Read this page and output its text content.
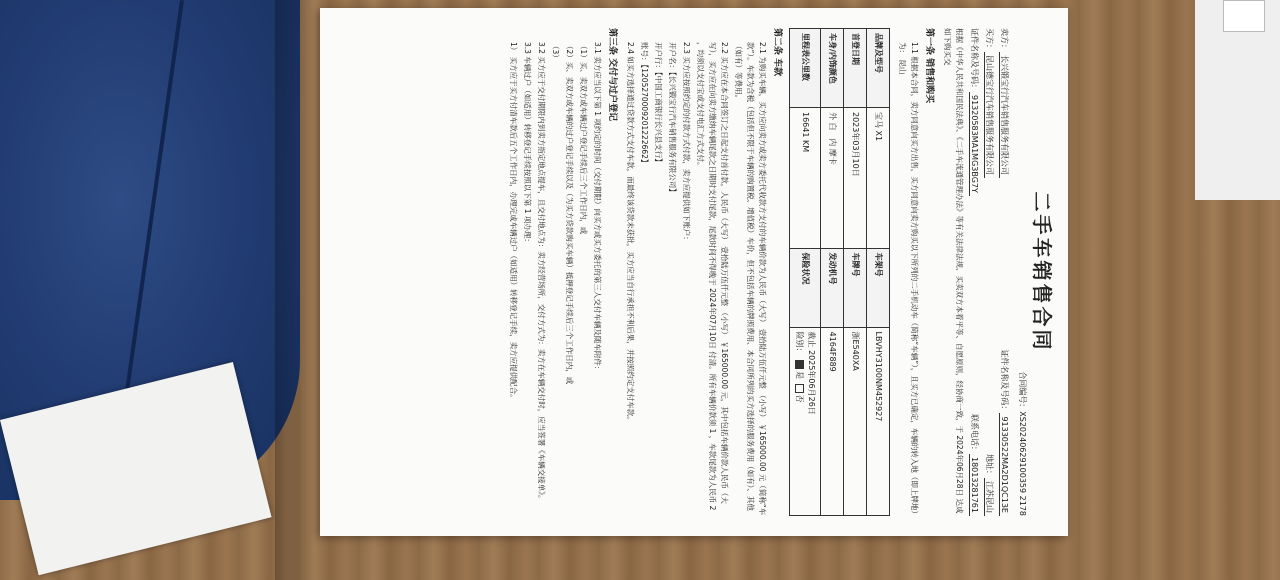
二手车销售合同
合同编号：XS20240629100359 2178
卖方：长兴锻宝行汽车销售服务有限公司
证件名称及号码：91330522MA2D1QC13E
买方：昆山德宝行汽车销售服务有限公司
地址：江苏昆山
证件名称及号码：91320583MA1MG3BG7Y
联系电话：18013281761
根据《中华人民共和国民法典》、《二手车流通管理办法》等有关法律法规、买卖双方本着平等、自愿原则，经协商一致，于 2024年06月28日 达成如下购买交
第一条 销售和购买
1.1 根据本合同，卖方同意向买方出售，买方同意向卖方购买以下所列的二手机动车（简称“车辆”），且买方已确定，车辆的转入地（即上牌地）为： 昆山
品牌及型号	宝马 X1	车架号	LBVHY3100NM452927
首登日期	2023年03月10日	车牌号	浙E540XA
车身/内饰颜色	外 白   内 摩卡	发动机号	4164F889
里程表公里数	16641 KM	保险状况	截止 2025年06月26日
险别： 是 否
第二条 车款
2.1 为购买车辆，买方应向卖方或卖方委托代收款方支付的车辆价款为人民币（大写） 壹拾陆万伍仟元整 （小写） ￥165000.00 元（简称“车款”）。车款为含税（包括但不限于车辆的购置税、增值税）车价，但不包括车辆的牌照费用、本合同所列的买方选择的服务费用（如有）、其他（如有）等费用。
2.2 买方应在本合同签订之日起支付首付款，人民币（大写） 壹拾陆万伍仟元整 （小写） ￥165000.00 元，其中包括车辆价款人民币（大写），买方应在向卖方缴纳车辆尾款之日期时支付尾款，尾款时间不得晚于 2024年07月10日 付清。所有车辆价款须 1 ，车款尾款为人民币 2 ，均须以支付宝或支付电汇方式支付。
2.3 买方应按照约定的付款方式付款，卖方应提供如下账户：
开户名：【长兴锻宝行汽车销售服务有限公司】
开户行：【中国工商银行长兴县支行】
账号：【1205270009201222662】
2.4 如买方选择通过贷款方式支付车款，而最终该贷款未获批，买方应当自行承担不利后果，并按照约定支付车款。
第三条 交付与过户登记
3.1 卖方应当以下第 1 项约定的时间（交付期限）向买方或买方委托的第三人交付车辆及随车附件：
（1）买、卖双方或车辆过户登记手续后三个工作日内，或
（2）买、卖双方或车辆的过户登记手续以及（为买方贷款购买车辆）抵押登记手续后三个工作日内，或
（3）
3.2 买方应于交付期限内到卖方指定地点提车，且交付地点为：卖方经营场所，交付方式为：卖方在车辆交付时，应当签署《车辆交接单》。
3.3 车辆过户（如适用）转移登记手续按照以下第 1 项办理：
1） 买方应于买方付清车款后五个工作日内，办理完成车辆过户（如适用）转移登记手续，卖方应提供配合。
